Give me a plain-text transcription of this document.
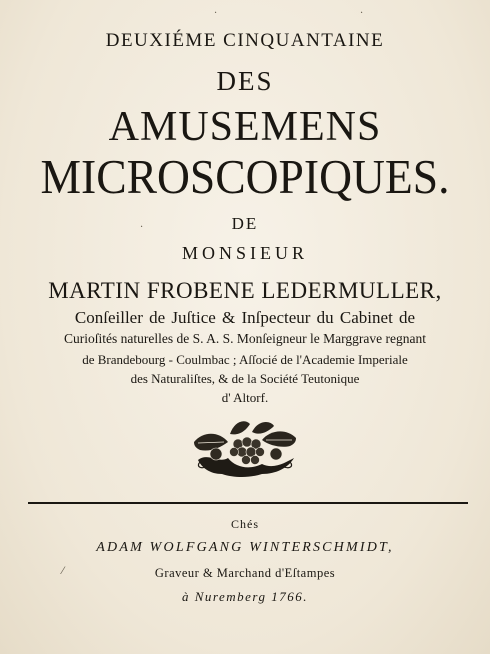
DEUXIÉME CINQUANTAINE
DES
AMUSEMENS
MICROSCOPIQUES.
DE
MONSIEUR
MARTIN FROBENE LEDERMULLER,
Conſeiller de Juſtice & Inſpecteur du Cabinet de
Curioſités naturelles de S. A. S. Monſeigneur le Marggrave regnant
de Brandebourg - Coulmbac ; Aſſocié de l'Academie Imperiale
des Naturaliſtes, & de la Société Teutonique
d' Altorf.
Chés
ADAM WOLFGANG WINTERSCHMIDT,
Graveur & Marchand d'Eſtampes
à Nuremberg 1766.
·	·
·
⁄
